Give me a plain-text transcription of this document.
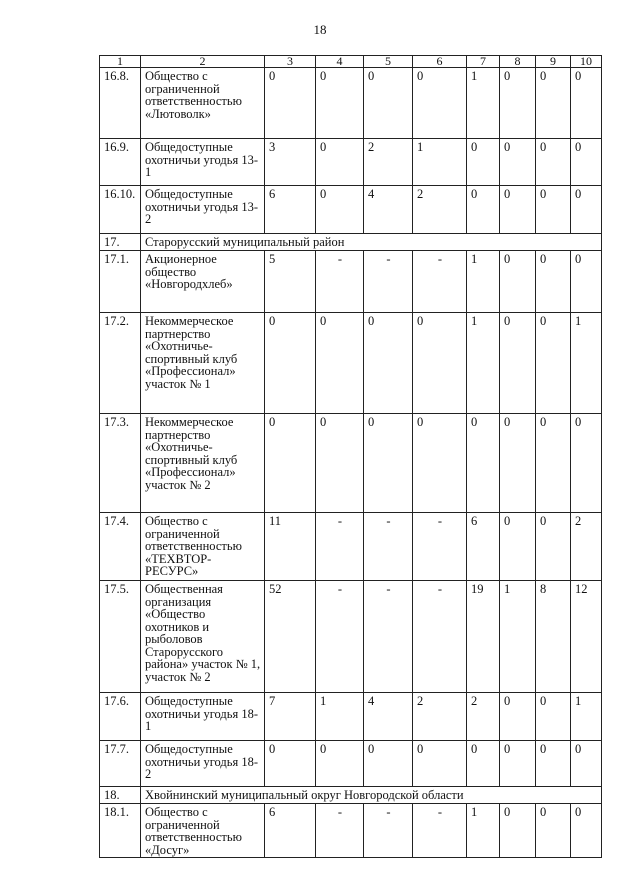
18
1	2	3	4	5	6	7	8	9	10
16.8.	Общество с ограниченной ответственностью «Лютоволк»	0	0	0	0	1	0	0	0
16.9.	Общедоступные охотничьи угодья 13-1	3	0	2	1	0	0	0	0
16.10.	Общедоступные охотничьи угодья 13-2	6	0	4	2	0	0	0	0
17.	Старорусский муниципальный район								
17.1.	Акционерное общество «Новгородхлеб»	5	-	-	-	1	0	0	0
17.2.	Некоммерческое партнерство «Охотничье-спортивный клуб «Профессионал» участок № 1	0	0	0	0	1	0	0	1
17.3.	Некоммерческое партнерство «Охотничье-спортивный клуб «Профессионал» участок № 2	0	0	0	0	0	0	0	0
17.4.	Общество с ограниченной ответственностью «ТЕХВТОР-РЕСУРС»	11	-	-	-	6	0	0	2
17.5.	Общественная организация «Общество охотников и рыболовов Старорусского района» участок № 1, участок № 2	52	-	-	-	19	1	8	12
17.6.	Общедоступные охотничьи угодья 18-1	7	1	4	2	2	0	0	1
17.7.	Общедоступные охотничьи угодья 18-2	0	0	0	0	0	0	0	0
18.	Хвойнинский муниципальный округ Новгородской области								
18.1.	Общество с ограниченной ответственностью «Досуг»	6	-	-	-	1	0	0	0
